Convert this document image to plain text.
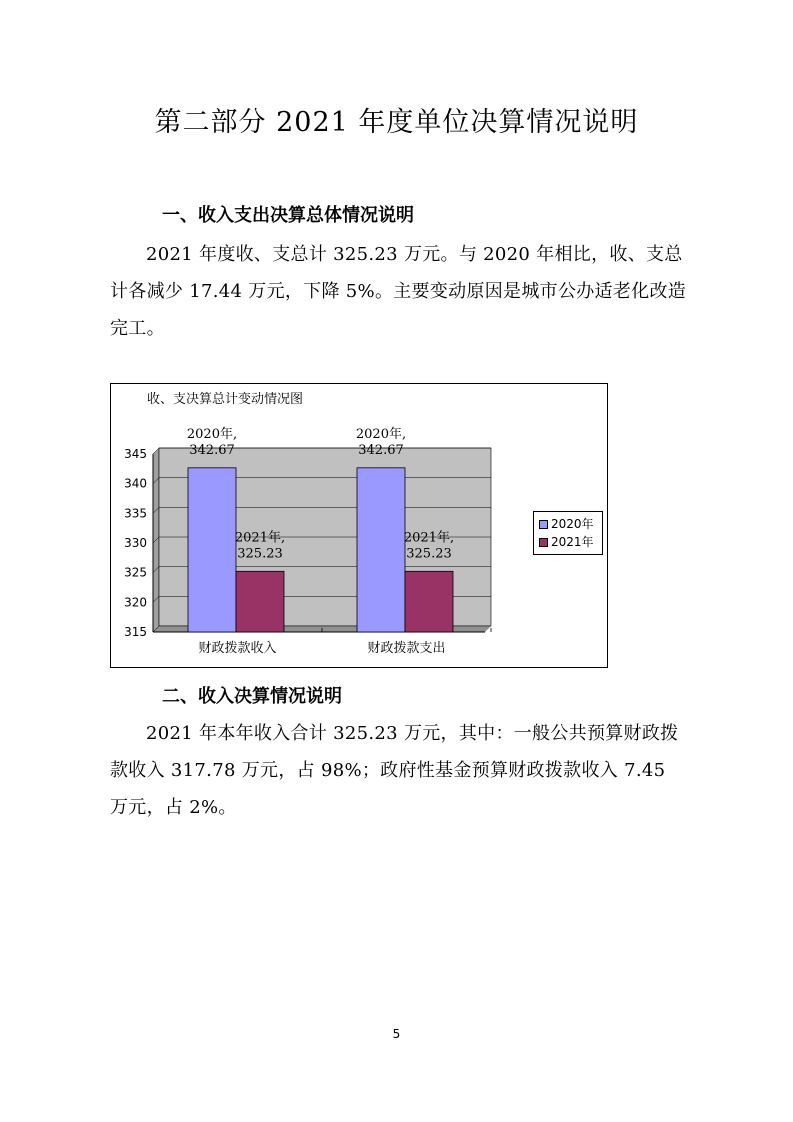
第二部分 2021 年度单位决算情况说明
一、收入支出决算总体情况说明

2021 年度收、支总计 325.23 万元。与 2020 年相比，收、支总计各减少 17.44 万元，下降 5%。主要变动原因是城市公办适老化改造完工。

收、支决算总计变动情况图
315
320
325
330
335
340
345
2020年, 342.67
2021年, 325.23
财政拨款收入
2020年, 342.67
2021年, 325.23
财政拨款支出
2020年
2021年
二、收入决算情况说明

2021 年本年收入合计 325.23 万元，其中：一般公共预算财政拨款收入 317.78 万元，占 98%；政府性基金预算财政拨款收入 7.45 万元，占 2%。

5
